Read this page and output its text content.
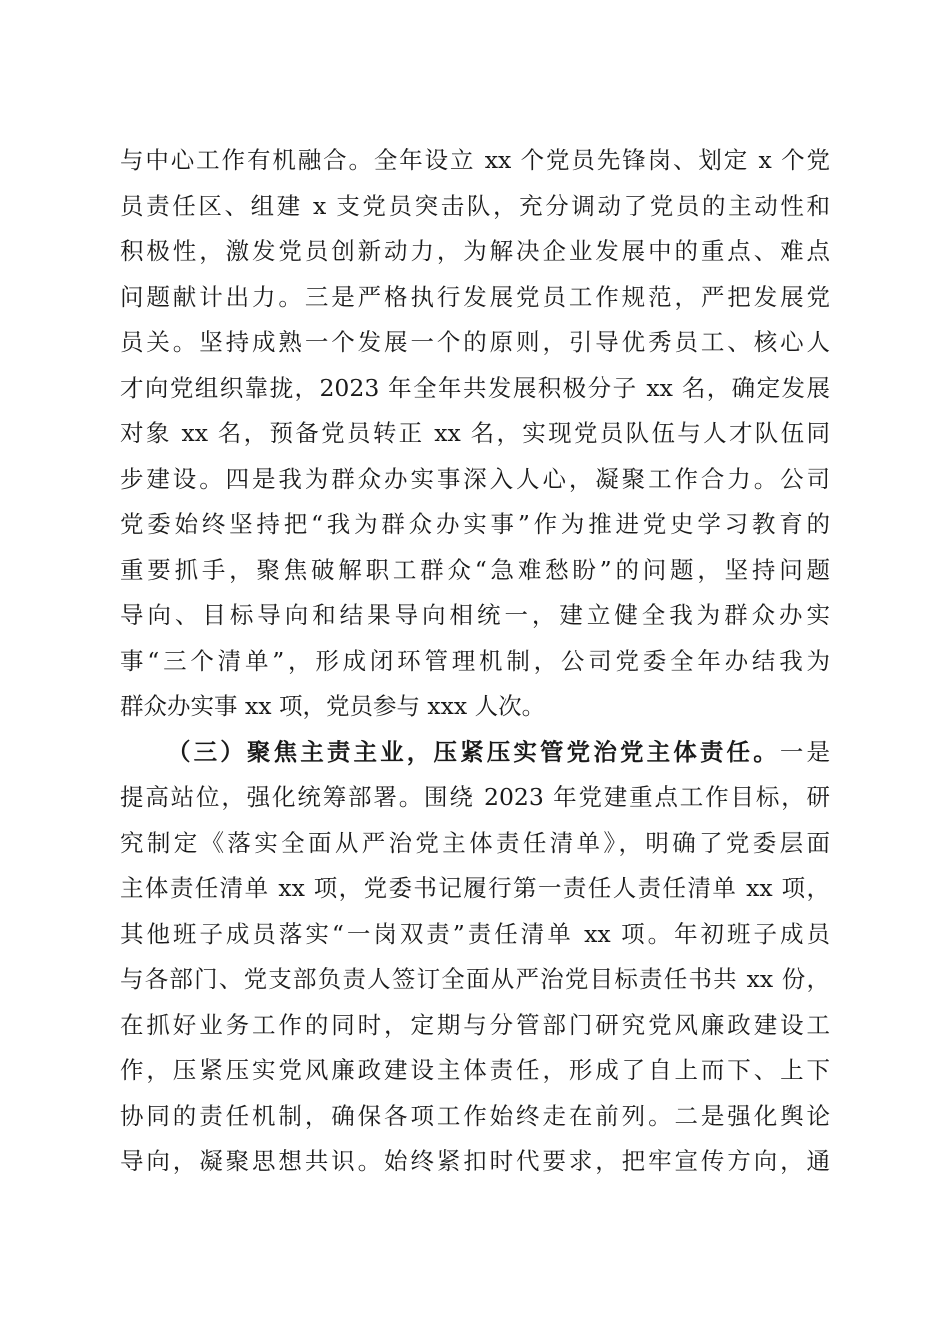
与中心工作有机融合。全年设立 xx 个党员先锋岗、划定 x 个党
员责任区、组建 x 支党员突击队，充分调动了党员的主动性和
积极性，激发党员创新动力，为解决企业发展中的重点、难点
问题献计出力。三是严格执行发展党员工作规范，严把发展党
员关。坚持成熟一个发展一个的原则，引导优秀员工、核心人
才向党组织靠拢，2023 年全年共发展积极分子 xx 名，确定发展
对象 xx 名，预备党员转正 xx 名，实现党员队伍与人才队伍同
步建设。四是我为群众办实事深入人心，凝聚工作合力。公司
党委始终坚持把“我为群众办实事”作为推进党史学习教育的
重要抓手，聚焦破解职工群众“急难愁盼”的问题，坚持问题
导向、目标导向和结果导向相统一，建立健全我为群众办实
事“三个清单”，形成闭环管理机制，公司党委全年办结我为
群众办实事 xx 项，党员参与 xxx 人次。
（三）聚焦主责主业，压紧压实管党治党主体责任。一是
提高站位，强化统筹部署。围绕 2023 年党建重点工作目标，研
究制定《落实全面从严治党主体责任清单》，明确了党委层面
主体责任清单 xx 项，党委书记履行第一责任人责任清单 xx 项，
其他班子成员落实“一岗双责”责任清单 xx 项。年初班子成员
与各部门、党支部负责人签订全面从严治党目标责任书共 xx 份，
在抓好业务工作的同时，定期与分管部门研究党风廉政建设工
作，压紧压实党风廉政建设主体责任，形成了自上而下、上下
协同的责任机制，确保各项工作始终走在前列。二是强化舆论
导向，凝聚思想共识。始终紧扣时代要求，把牢宣传方向，通
